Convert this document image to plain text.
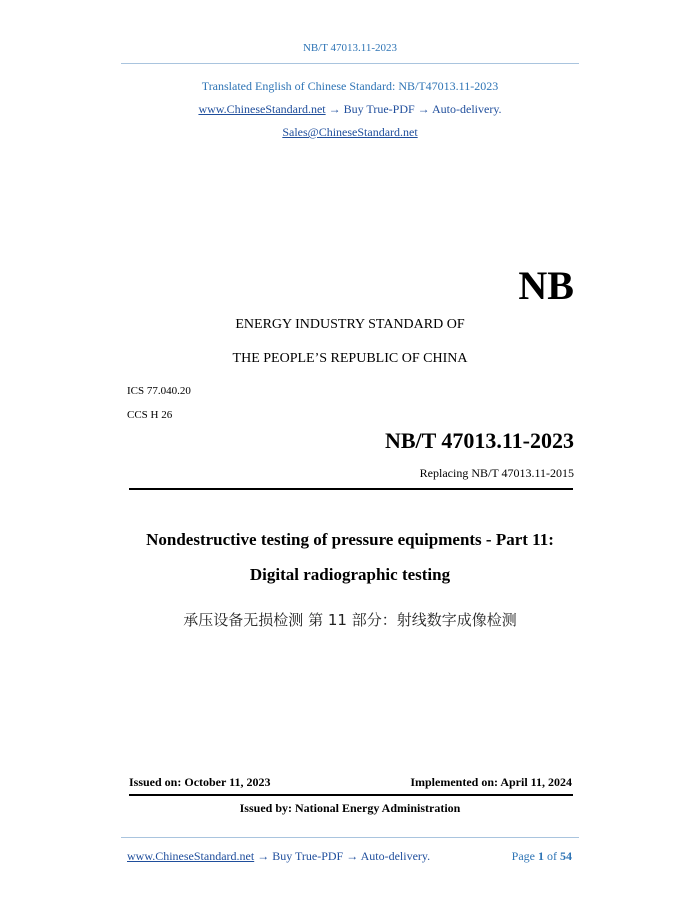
NB/T 47013.11-2023
Translated English of Chinese Standard: NB/T47013.11-2023
www.ChineseStandard.net → Buy True-PDF → Auto-delivery.
Sales@ChineseStandard.net
NB
ENERGY INDUSTRY STANDARD OF
THE PEOPLE’S REPUBLIC OF CHINA
ICS 77.040.20
CCS H 26
NB/T 47013.11-2023
Replacing NB/T 47013.11-2015
Nondestructive testing of pressure equipments - Part 11:
Digital radiographic testing
承压设备无损检测 第 11 部分：射线数字成像检测
Issued on: October 11, 2023	Implemented on: April 11, 2024
Issued by: National Energy Administration
www.ChineseStandard.net → Buy True-PDF → Auto-delivery.	Page 1 of 54
